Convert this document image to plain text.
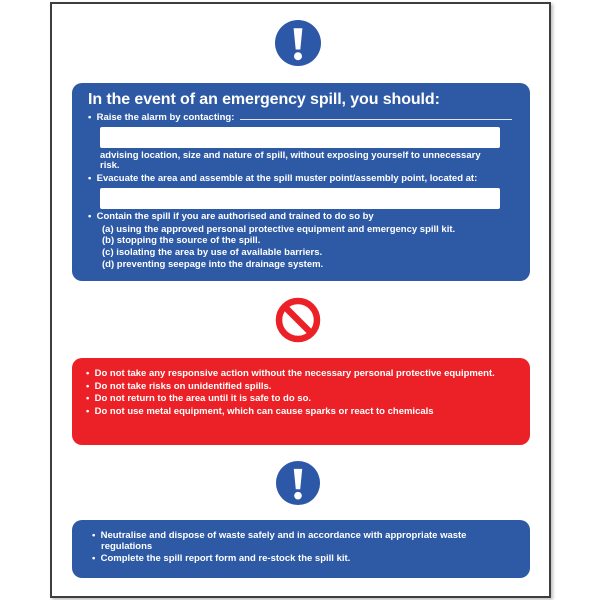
In the event of an emergency spill, you should:
•  Raise the alarm by contacting:
advising location, size and nature of spill, without exposing yourself to unnecessary risk.
•  Evacuate the area and assemble at the spill muster point/assembly point, located at:
•  Contain the spill if you are authorised and trained to do so by
(a) using the approved personal protective equipment and emergency spill kit.
(b) stopping the source of the spill.
(c) isolating the area by use of available barriers.
(d) preventing seepage into the drainage system.
•  Do not take any responsive action without the necessary personal protective equipment.
•  Do not take risks on unidentified spills.
•  Do not return to the area until it is safe to do so.
•  Do not use metal equipment, which can cause sparks or react to chemicals
•  Neutralise and dispose of waste safely and in accordance with appropriate waste regulations
•  Complete the spill report form and re-stock the spill kit.
